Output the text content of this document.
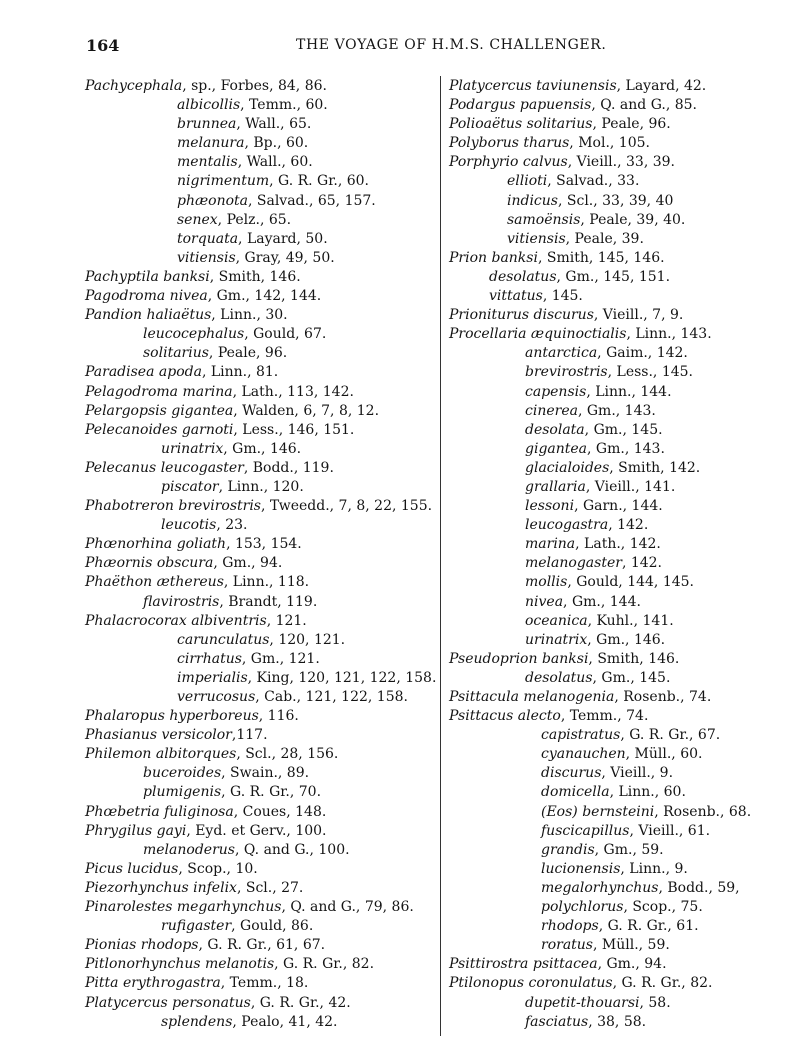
164	THE VOYAGE OF H.M.S. CHALLENGER.
Pachycephala, sp., Forbes, 84, 86.
albicollis, Temm., 60.
brunnea, Wall., 65.
melanura, Bp., 60.
mentalis, Wall., 60.
nigrimentum, G. R. Gr., 60.
phæonota, Salvad., 65, 157.
senex, Pelz., 65.
torquata, Layard, 50.
vitiensis, Gray, 49, 50.
Pachyptila banksi, Smith, 146.
Pagodroma nivea, Gm., 142, 144.
Pandion haliaëtus, Linn., 30.
leucocephalus, Gould, 67.
solitarius, Peale, 96.
Paradisea apoda, Linn., 81.
Pelagodroma marina, Lath., 113, 142.
Pelargopsis gigantea, Walden, 6, 7, 8, 12.
Pelecanoides garnoti, Less., 146, 151.
urinatrix, Gm., 146.
Pelecanus leucogaster, Bodd., 119.
piscator, Linn., 120.
Phabotreron brevirostris, Tweedd., 7, 8, 22, 155.
leucotis, 23.
Phœnorhina goliath, 153, 154.
Phæornis obscura, Gm., 94.
Phaëthon æthereus, Linn., 118.
flavirostris, Brandt, 119.
Phalacrocorax albiventris, 121.
carunculatus, 120, 121.
cirrhatus, Gm., 121.
imperialis, King, 120, 121, 122, 158.
verrucosus, Cab., 121, 122, 158.
Phalaropus hyperboreus, 116.
Phasianus versicolor,117.
Philemon albitorques, Scl., 28, 156.
buceroides, Swain., 89.
plumigenis, G. R. Gr., 70.
Phœbetria fuliginosa, Coues, 148.
Phrygilus gayi, Eyd. et Gerv., 100.
melanoderus, Q. and G., 100.
Picus lucidus, Scop., 10.
Piezorhynchus infelix, Scl., 27.
Pinarolestes megarhynchus, Q. and G., 79, 86.
rufigaster, Gould, 86.
Pionias rhodops, G. R. Gr., 61, 67.
Pitlonorhynchus melanotis, G. R. Gr., 82.
Pitta erythrogastra, Temm., 18.
Platycercus personatus, G. R. Gr., 42.
splendens, Pealo, 41, 42.
Platycercus taviunensis, Layard, 42.
Podargus papuensis, Q. and G., 85.
Polioaëtus solitarius, Peale, 96.
Polyborus tharus, Mol., 105.
Porphyrio calvus, Vieill., 33, 39.
ellioti, Salvad., 33.
indicus, Scl., 33, 39, 40
samoënsis, Peale, 39, 40.
vitiensis, Peale, 39.
Prion banksi, Smith, 145, 146.
desolatus, Gm., 145, 151.
vittatus, 145.
Prioniturus discurus, Vieill., 7, 9.
Procellaria æquinoctialis, Linn., 143.
antarctica, Gaim., 142.
brevirostris, Less., 145.
capensis, Linn., 144.
cinerea, Gm., 143.
desolata, Gm., 145.
gigantea, Gm., 143.
glacialoides, Smith, 142.
grallaria, Vieill., 141.
lessoni, Garn., 144.
leucogastra, 142.
marina, Lath., 142.
melanogaster, 142.
mollis, Gould, 144, 145.
nivea, Gm., 144.
oceanica, Kuhl., 141.
urinatrix, Gm., 146.
Pseudoprion banksi, Smith, 146.
desolatus, Gm., 145.
Psittacula melanogenia, Rosenb., 74.
Psittacus alecto, Temm., 74.
capistratus, G. R. Gr., 67.
cyanauchen, Müll., 60.
discurus, Vieill., 9.
domicella, Linn., 60.
(Eos) bernsteini, Rosenb., 68.
fuscicapillus, Vieill., 61.
grandis, Gm., 59.
lucionensis, Linn., 9.
megalorhynchus, Bodd., 59,
polychlorus, Scop., 75.
rhodops, G. R. Gr., 61.
roratus, Müll., 59.
Psittirostra psittacea, Gm., 94.
Ptilonopus coronulatus, G. R. Gr., 82.
dupetit-thouarsi, 58.
fasciatus, 38, 58.
